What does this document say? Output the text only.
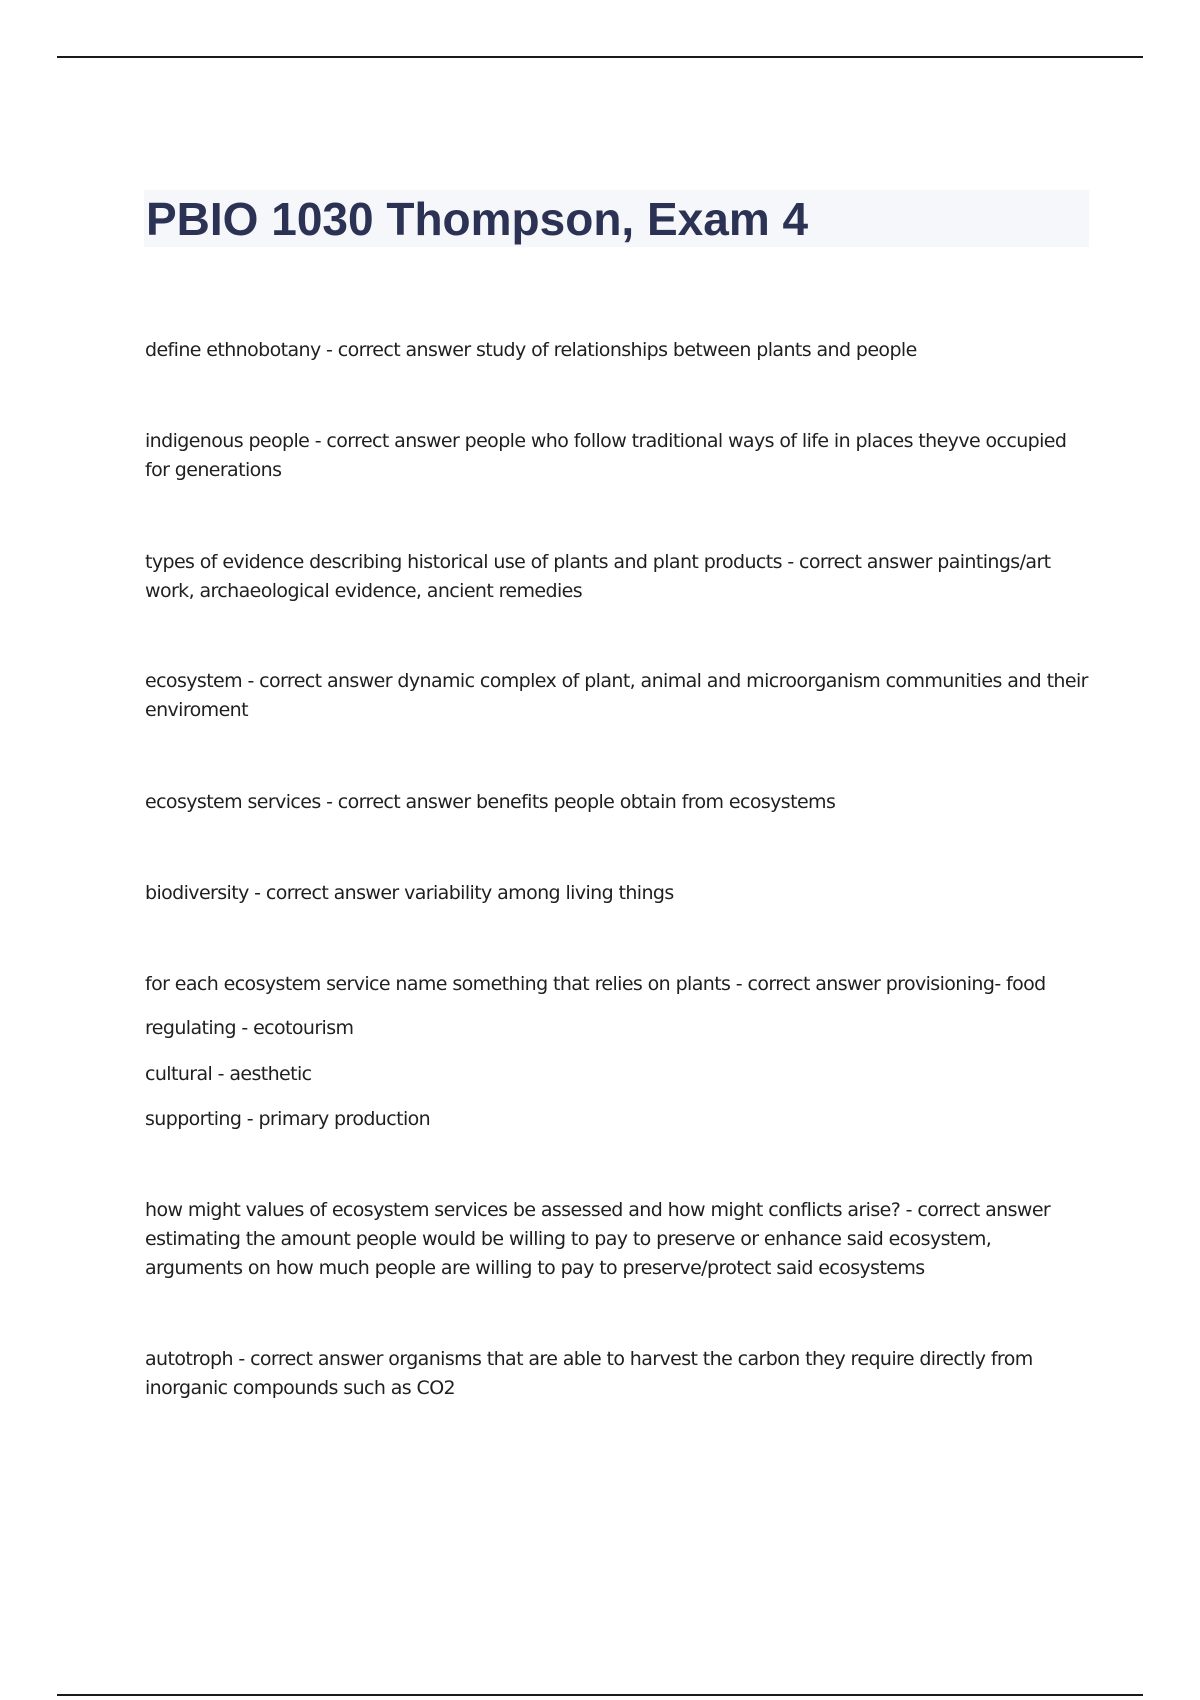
PBIO 1030 Thompson, Exam 4

define ethnobotany - correct answer study of relationships between plants and people

indigenous people - correct answer people who follow traditional ways of life in places theyve occupied
for generations

types of evidence describing historical use of plants and plant products - correct answer paintings/art
work, archaeological evidence, ancient remedies

ecosystem - correct answer dynamic complex of plant, animal and microorganism communities and their
enviroment

ecosystem services - correct answer benefits people obtain from ecosystems

biodiversity - correct answer variability among living things

for each ecosystem service name something that relies on plants - correct answer provisioning- food

regulating - ecotourism

cultural - aesthetic

supporting - primary production

how might values of ecosystem services be assessed and how might conflicts arise? - correct answer
estimating the amount people would be willing to pay to preserve or enhance said ecosystem,
arguments on how much people are willing to pay to preserve/protect said ecosystems

autotroph - correct answer organisms that are able to harvest the carbon they require directly from
inorganic compounds such as CO2
